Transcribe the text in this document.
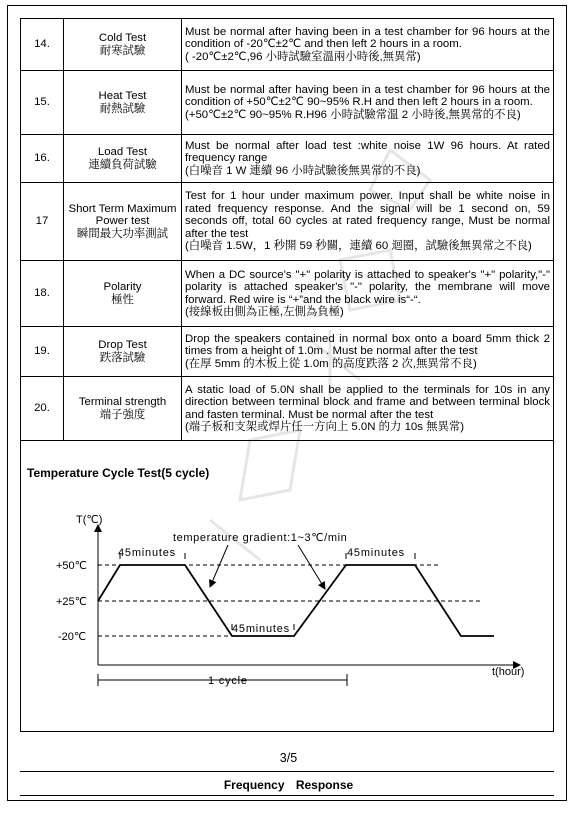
14.	Cold Test
耐寒試驗	Must be normal after having been in a test chamber for 96 hours at the condition of -20℃±2℃ and then left 2 hours in a room.
( -20℃±2℃,96 小時試驗室溫兩小時後,無異常)

15.	Heat Test
耐熱試驗	Must be normal after having been in a test chamber for 96 hours at the condition of +50℃±2℃ 90~95% R.H and then left 2 hours in a room.
(+50℃±2℃ 90~95% R.H96 小時試驗常溫 2 小時後,無異常的不良)

16.	Load Test
連續負荷試驗	Must be normal after load test :white noise 1W 96 hours. At rated frequency range
(白噪音 1 W 連續 96 小時試驗後無異常的不良)

17	Short Term Maximum Power test
瞬間最大功率測試	Test for 1 hour under maximum power. Input shall be white noise in rated frequency response. And the signal will be 1 second on, 59 seconds off, total 60 cycles at rated frequency range, Must be normal after the test
(白噪音 1.5W，1 秒開 59 秒關，連續 60 迴圈，試驗後無異常之不良)

18.	Polarity
極性	When a DC source’s "+" polarity is attached to speaker's "+" polarity,"-" polarity is attached speaker's "-" polarity, the membrane will move forward. Red wire is “+”and the black wire is“-“.
(接線板由側為正極,左側為負極)

19.	Drop Test
跌落試驗	Drop the speakers contained in normal box onto a board 5mm thick 2 times from a height of 1.0m . Must be normal after the test
(在厚 5mm 的木板上從 1.0m 的高度跌落 2 次,無異常不良)

20.	Terminal strength
端子強度	A static load of 5.0N shall be applied to the terminals for 10s in any direction between terminal block and frame and between terminal block and fasten terminal. Must be normal after the test
(端子板和支架或焊片任一方向上 5.0N 的力 10s 無異常)
Temperature Cycle Test(5 cycle)
T(℃)
t(hour)
+50℃
+25℃
-20℃
temperature gradient:1~3℃/min
45minutes
45minutes
45minutes
1 cycle
3/5
Frequency Response
